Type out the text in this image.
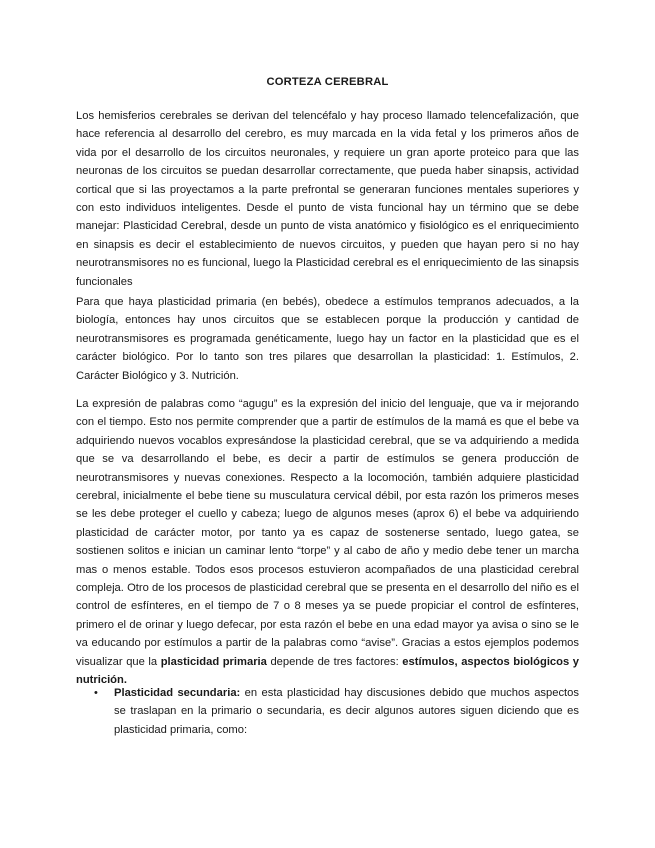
CORTEZA CEREBRAL

Los hemisferios cerebrales se derivan del telencéfalo y hay proceso llamado telencefalización, que hace referencia al desarrollo del cerebro, es muy marcada en la vida fetal y los primeros años de vida por el desarrollo de los circuitos neuronales, y requiere un gran aporte proteico para que las neuronas de los circuitos se puedan desarrollar correctamente, que pueda haber sinapsis, actividad cortical que si las proyectamos a la parte prefrontal se generaran funciones mentales superiores y con esto individuos inteligentes. Desde el punto de vista funcional hay un término que se debe manejar: Plasticidad Cerebral, desde un punto de vista anatómico y fisiológico es el enriquecimiento en sinapsis es decir el establecimiento de nuevos circuitos, y pueden que hayan pero si no hay neurotransmisores no es funcional, luego la Plasticidad cerebral es el enriquecimiento de las sinapsis funcionales

Para que haya plasticidad primaria (en bebés), obedece a estímulos tempranos adecuados, a la biología, entonces hay unos circuitos que se establecen porque la producción y cantidad de neurotransmisores es programada genéticamente, luego hay un factor en la plasticidad que es el carácter biológico. Por lo tanto son tres pilares que desarrollan la plasticidad: 1. Estímulos, 2. Carácter Biológico y 3. Nutrición.

La expresión de palabras como “agugu” es la expresión del inicio del lenguaje, que va ir mejorando con el tiempo. Esto nos permite comprender que a partir de estímulos de la mamá es que el bebe va adquiriendo nuevos vocablos expresándose la plasticidad cerebral, que se va adquiriendo a medida que se va desarrollando el bebe, es decir a partir de estímulos se genera producción de neurotransmisores y nuevas conexiones. Respecto a la locomoción, también adquiere plasticidad cerebral, inicialmente el bebe tiene su musculatura cervical débil, por esta razón los primeros meses se les debe proteger el cuello y cabeza; luego de algunos meses (aprox 6) el bebe va adquiriendo plasticidad de carácter motor, por tanto ya es capaz de sostenerse sentado, luego gatea, se sostienen solitos e inician un caminar lento “torpe” y al cabo de año y medio debe tener un marcha mas o menos estable. Todos esos procesos estuvieron acompañados de una plasticidad cerebral compleja. Otro de los procesos de plasticidad cerebral que se presenta en el desarrollo del niño es el control de esfínteres, en el tiempo de 7 o 8 meses ya se puede propiciar el control de esfínteres, primero el de orinar y luego defecar, por esta razón el bebe en una edad mayor ya avisa o sino se le va educando por estímulos a partir de la palabras como “avise”. Gracias a estos ejemplos podemos visualizar que la plasticidad primaria depende de tres factores: estímulos, aspectos biológicos y nutrición.

•	Plasticidad secundaria: en esta plasticidad hay discusiones debido que muchos aspectos se traslapan en la primario o secundaria, es decir algunos autores siguen diciendo que es plasticidad primaria, como:
